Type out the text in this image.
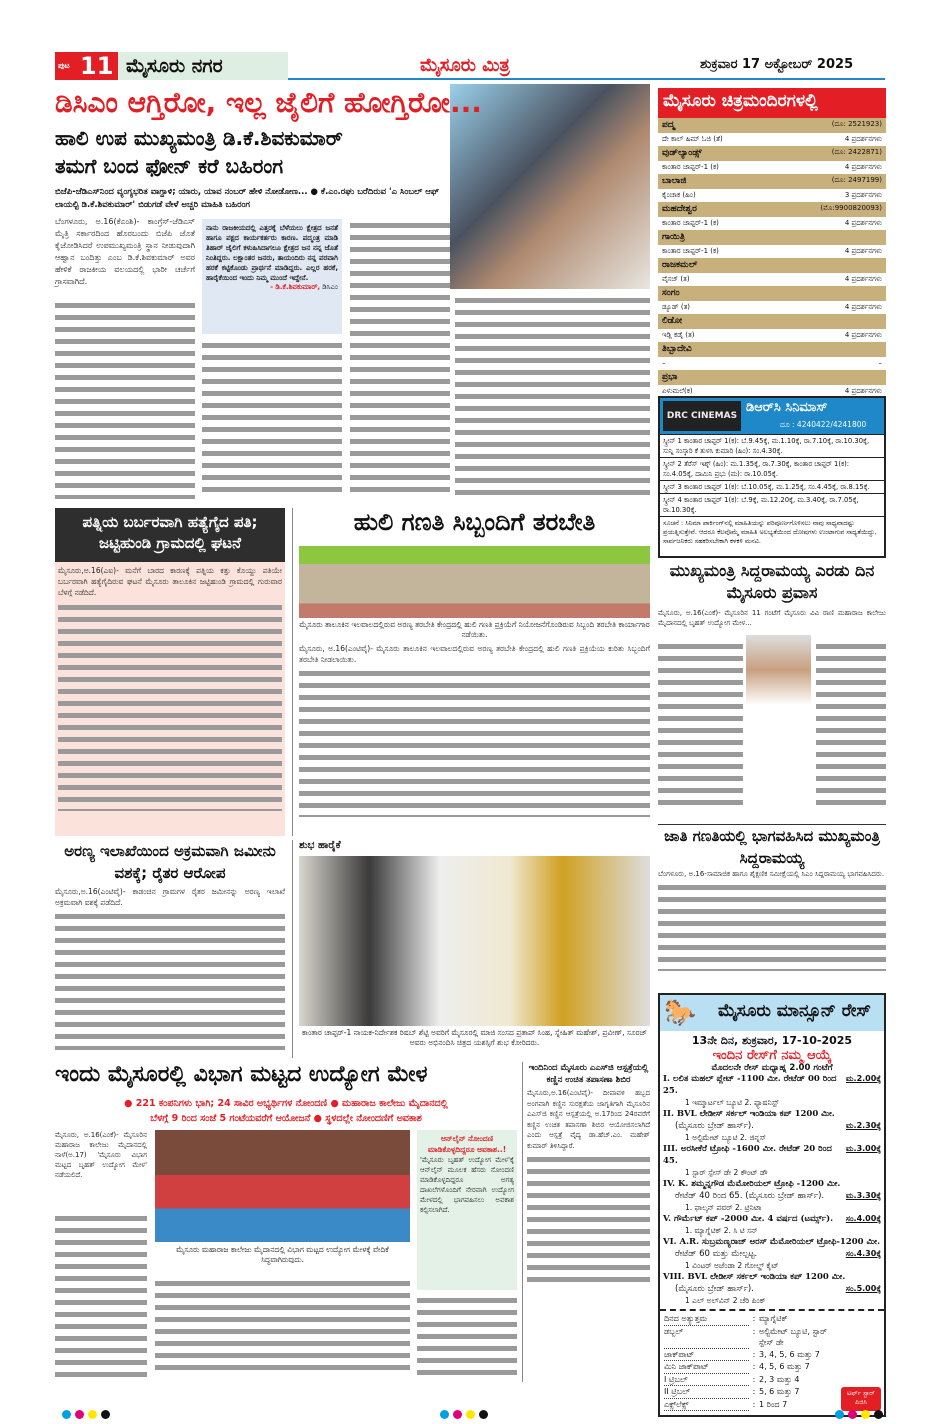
ಪುಟ 11 ಮೈಸೂರು ನಗರ	ಮೈಸೂರು ಮಿತ್ರ	ಶುಕ್ರವಾರ 17 ಅಕ್ಟೋಬರ್ 2025
ಡಿಸಿಎಂ ಆಗ್ತಿರೋ, ಇಲ್ಲ ಜೈಲಿಗೆ ಹೋಗ್ತಿರೋ...
ಹಾಲಿ ಉಪ ಮುಖ್ಯಮಂತ್ರಿ ಡಿ.ಕೆ.ಶಿವಕುಮಾರ್
ತಮಗೆ ಬಂದ ಫೋನ್ ಕರೆ ಬಹಿರಂಗ
ಬಿಜೆಪಿ-ಜೆಡಿಎಸ್‌ನಿಂದ ವ್ಯಂಗ್ಯಭರಿತ ವಾಗ್ದಾಳಿ; ಯಾರು, ಯಾವ ನಂಬರ್ ಹೇಳಿ ನೋಡೋಣ... ● ಕೆ.ಎಂ.ರಘು ಬರೆದಿರುವ 'ಎ ಸಿಂಬಲ್ ಆಫ್ ಲಾಯಲ್ಟಿ ಡಿ.ಕೆ.ಶಿವಕುಮಾರ್' ಬಿಡುಗಡೆ ವೇಳೆ ಅಚ್ಚರಿ ಮಾಹಿತಿ ಬಹಿರಂಗ
ಬೆಂಗಳೂರು, ಅ.16(ಕೆಎಂಶಿ)- ಕಾಂಗ್ರೆಸ್-ಜೆಡಿಎಸ್ ಮೈತ್ರಿ ಸರ್ಕಾರದಿಂದ ಹೊರಬಂದು ಬಿಜೆಪಿ ಜೊತೆ ಕೈಜೋಡಿಸಿದರೆ ಉಪಮುಖ್ಯಮಂತ್ರಿ ಸ್ಥಾನ ನೀಡುವುದಾಗಿ ಆಹ್ವಾನ ಬಂದಿತ್ತು ಎಂಬ ಡಿ.ಕೆ.ಶಿವಕುಮಾರ್ ಅವರ ಹೇಳಿಕೆ ರಾಜಕೀಯ ವಲಯದಲ್ಲಿ ಭಾರೀ ಚರ್ಚೆಗೆ ಗ್ರಾಸವಾಗಿದೆ.
ನಾನು ರಾಜಕೀಯದಲ್ಲಿ ಎತ್ತರಕ್ಕೆ ಬೆಳೆಯಲು ಕ್ಷೇತ್ರದ ಜನತೆ ಹಾಗೂ ಪಕ್ಷದ ಕಾರ್ಯಕರ್ತರು ಕಾರಣ. ಪದ್ಮಂತ್ರ ಮಾಡಿ ತಿಹಾರ್ ಜೈಲಿಗೆ ಕಳುಹಿಸಿದಾಗಲೂ ಕ್ಷೇತ್ರದ ಜನ ನನ್ನ ಜೊತೆ ನಿಂತಿದ್ದರು. ಲಕ್ಷಾಂತರ ಜನರು, ತಾಯಂದಿರು ನನ್ನ ಪರವಾಗಿ ಹರಕೆ ಕಟ್ಟಿಕೊಂಡು ಪ್ರಾರ್ಥನೆ ಮಾಡಿದ್ದರು. ಎಲ್ಲರ ಹರಕೆ, ಹಾರೈಕೆಯಿಂದ ಇಂದು ನಿಮ್ಮ ಮುಂದೆ ಇದ್ದೇನೆ.
- ಡಿ.ಕೆ.ಶಿವಕುಮಾರ್, ಡಿಸಿಎಂ
ಮೈಸೂರು ಚಿತ್ರಮಂದಿರಗಳಲ್ಲಿ
ಪದ್ಮ	(ದೂ: 2521923)
ದೇ ಕಾಲ್ ಹಿಮ್ ಓಜಿ (ತೆ)	4 ಪ್ರದರ್ಶನಗಳು
ವುಡ್‌ಲ್ಯಾಂಡ್ಸ್	(ದೂ: 2422871)
ಕಾಂತಾರ ಚಾಪ್ಟರ್-1 (ಕ)	4 ಪ್ರದರ್ಶನಗಳು
ಬಾಲಾಜಿ	(ದೂ: 2497199)
ಕೈಂಚಾಕ (ಹಿಂ)	3 ಪ್ರದರ್ಶನಗಳು
ಮಹದೇಶ್ವರ	(ಮೊ:9900820093)
ಕಾಂತಾರ ಚಾಪ್ಟರ್-1 (ಕ)	4 ಪ್ರದರ್ಶನಗಳು
ಗಾಯಿತ್ರಿ
ಕಾಂತಾರ ಚಾಪ್ಟರ್-1 (ಕ)	4 ಪ್ರದರ್ಶನಗಳು
ರಾಜಕಮಲ್
ವೈಸಜ್ (ತ)	4 ಪ್ರದರ್ಶನಗಳು
ಸಂಗಂ
ಡ್ಯೂಡ್ (ತ)	4 ಪ್ರದರ್ಶನಗಳು
ಲಿಡೋ
ಇಡ್ಲಿ ಕಡೈ (ತ)	4 ಪ್ರದರ್ಶನಗಳು
ತಿಬ್ಬಾದೇವಿ
–	–
ಪ್ರಭಾ
ಏಳುಮಲೆ(ಕ)	4 ಪ್ರದರ್ಶನಗಳು
DRC CINEMAS
ಡಿಆರ್‌ಸಿ ಸಿನಿಮಾಸ್
ದೂ : 4240422/4241800
ಸ್ಕ್ರೀನ್ 1 ಕಾಂತಾರ ಚಾಪ್ಟರ್ 1(ಕ): ಬೆ.9.45ಕ್ಕೆ, ಮ.1.10ಕ್ಕೆ, ರಾ.7.10ಕ್ಕೆ, ರಾ.10.30ಕ್ಕೆ, ಸುನ್ನಿ ಸಂಸ್ಕಾರಿ ಕೆ ತುಳಸಿ ಕುಮಾರಿ (ಹಿಂ): ಸಂ.4.30ಕ್ಕೆ.
ಸ್ಕ್ರೀನ್ 2 ತೆರೆಸ್ ಇಶ್ಕ್ (ಹಿಂ): ಮ.1.35ಕ್ಕೆ, ರಾ.7.30ಕ್ಕೆ, ಕಾಂತಾರ ಚಾಪ್ಟರ್ 1(ಕ): ಸಂ.4.05ಕ್ಕೆ, ದಾಮಿನಿ ಪ್ರಭು (ಮ): ರಾ.10.05ಕ್ಕೆ.
ಸ್ಕ್ರೀನ್ 3 ಕಾಂತಾರ ಚಾಪ್ಟರ್ 1(ಕ): ಬೆ.10.05ಕ್ಕೆ, ಮ.1.25ಕ್ಕೆ, ಸಂ.4.45ಕ್ಕೆ, ರಾ.8.15ಕ್ಕೆ.
ಸ್ಕ್ರೀನ್ 4 ಕಾಂತಾರ ಚಾಪ್ಟರ್ 1(ಕ): ಬೆ.9ಕ್ಕೆ, ಮ.12.20ಕ್ಕೆ, ಮ.3.40ಕ್ಕೆ, ರಾ.7.05ಕ್ಕೆ, ರಾ.10.30ಕ್ಕೆ.
ಸೂಚನೆ : ಸಿನಿಮಾ ಪಾರ್ಕಿಂಗ್‌ನಲ್ಲಿ ಮಾಹಿತಿಯನ್ನು ಪರಿಪೂರ್ಣಗೊಳಿಸಲು ನಾವು ಸಾಧ್ಯವಾದಷ್ಟು ಪ್ರಯತ್ನಿಸುತ್ತೇವೆ. ಆದರೂ ಕೆಲವೊಮ್ಮೆ ಮಾಹಿತಿ ಅಲಭ್ಯತೆಯಿಂದ ದೋಷಗಳು ಉಂಟಾಗುವ ಸಾಧ್ಯತೆಯಿದ್ದು, ಸಾರ್ವಜನಿಕರು ಸಹಕರಿಸಬೇಕಾಗಿ ಕಳಕಳಿ ಮನವಿ.
ಮುಖ್ಯಮಂತ್ರಿ ಸಿದ್ದರಾಮಯ್ಯ ಎರಡು ದಿನ ಮೈಸೂರು ಪ್ರವಾಸ
ಮೈಸೂರು, ಅ.16(ಎಂಕೆ)- ಮೈಸೂರಿನ 11 ಗಂಟೆಗೆ ಮೈಸೂರು ವಿವಿ ರಾಣಿ ಮಹಾರಾಜ ಕಾಲೇಜು ಮೈದಾನದಲ್ಲಿ ಬೃಹತ್ ಉದ್ಯೋಗ ಮೇಳ...
ಜಾತಿ ಗಣತಿಯಲ್ಲಿ ಭಾಗವಹಿಸಿದ ಮುಖ್ಯಮಂತ್ರಿ ಸಿದ್ದರಾಮಯ್ಯ
ಬೆಂಗಳೂರು, ಅ.16-ಸಾಮಾಜಿಕ ಹಾಗೂ ಶೈಕ್ಷಣಿಕ ಸಮೀಕ್ಷೆಯಲ್ಲಿ ಸಿಎಂ ಸಿದ್ದರಾಮಯ್ಯ ಭಾಗವಹಿಸಿದರು.
🐎 ಮೈಸೂರು ಮಾನ್ಸೂನ್ ರೇಸ್
13ನೇ ದಿನ, ಶುಕ್ರವಾರ, 17-10-2025
ಇಂದಿನ ರೇಸ್‌ಗೆ ನಮ್ಮ ಆಯ್ಕೆ
ಮೊದಲನೇ ರೇಸ್ ಮಧ್ಯಾಹ್ನ 2.00 ಗಂಟೆಗೆ
I. ಲಲಿತ ಮಹಲ್ ಪ್ಲೇಟ್ -1100 ಮೀ. ರೇಟೆಡ್ 00 ರಿಂದ 25.
ಮ.2.00ಕ್ಕೆ
1 ಇಮ್ಮಾರ್ಟಲ್ ಬ್ಯೂಟಿ 2. ಫ್ಯಾಷನಿಸ್ಟ್
II. BVL ಲೇಡೀಸ್ ಸರ್ಕಲ್ ಇಂಡಿಯಾ ಕಪ್ 1200 ಮೀ.
(ಮೈಸೂರು ಬ್ರೇಡ್ ಹಾರ್ಸ್).	ಮ.2.30ಕ್ಕೆ
1 ಅಲ್ಟಿಮೇಟ್ ಬ್ಯೂಟಿ 2. ಜಿನ್ನಸ್
III. ಅರಸೀಕೆರೆ ಟ್ರೋಫಿ -1600 ಮೀ. ರೇಟೆಡ್ 20 ರಿಂದ 45.
ಮ.3.00ಕ್ಕೆ
1 ಸ್ಟಾರ್ ಸ್ಪೇಸ್ ಡೇ 2 ಕೌಂಟ್ ಡೌ
IV. K. ಶಮ್ಮನ್ನಗೌಡ ಮೆಮೋರಿಯಲ್ ಟ್ರೋಫಿ -1200 ಮೀ.
ರೇಟೆಡ್ 40 ರಿಂದ 65. (ಮೈಸೂರು ಬ್ರೇಡ್ ಹಾರ್ಸ್).	ಮ.3.30ಕ್ಕೆ
1. ಫಾಲ್ಕನ್ ಪವರ್ 2. ಟ್ರಿನಿಟಾ
V. ಗೌರ್ಮೆಟ್ ಕಪ್ -2000 ಮೀ. 4 ವರ್ಷದ (ಟರ್ಮ್ಸ್). ಸಂ.4.00ಕ್ಕೆ
1. ಮ್ಯಾಗ್ನೆಟಿಕ್ 2. ಸಿ ಟಿ ಸನ್
VI. A.R. ಸುಬ್ರಮಣ್ಯರಾಜ್ ಅರಸ್ ಮೆಮೋರಿಯಲ್ ಟ್ರೋಫಿ-1200 ಮೀ.
ರೇಟೆಡ್ 60 ಮತ್ತು ಮೇಲ್ಪಟ್ಟ.	ಸಂ.4.30ಕ್ಕೆ
1 ವಿಂಟರ್ ಅಜೆಂಡಾ 2 ಗೋಲ್ಡ್ ಕೈಟ್
VIII. BVL ಲೇಡೀಸ್ ಸರ್ಕಲ್ ಇಂಡಿಯಾ ಕಪ್ 1200 ಮೀ.
(ಮೈಸೂರು ಬ್ರೇಡ್ ಹಾರ್ಸ್).	ಸಂ.5.00ಕ್ಕೆ
1 ಎಲ್ ಅಲ್‌ವಿನ್ 2 ಚೆರಿ ಪಿಂಕ್
ದಿನದ ಅತ್ಯುತ್ತಮ	: ಮ್ಯಾಗ್ನೆಟಿಕ್
ಡಬ್ಬಲ್	: ಅಲ್ಟಿಮೇಟ್ ಬ್ಯೂಟಿ, ಸ್ಟಾರ್ ಸ್ಪೇಸ್ ಡೇ
ಜಾಕ್‌ಪಾಟ್	: 3, 4, 5, 6 ಮತ್ತು 7
ಮಿನಿ ಜಾಕ್‌ಪಾಟ್	: 4, 5, 6 ಮತ್ತು 7
I ಟ್ರಿಬಲ್	: 2, 3 ಮತ್ತು 4
II ಟ್ರಿಬಲ್	: 5, 6 ಮತ್ತು 7
ಎಕ್ಸ್‌ಲೆಕ್ಸ್	: 1 ರಿಂದ 7
ಟರ್ಫ್ ಸ್ಟಾರ್ ಪಿಜಿಸಿ
ಪತ್ನಿಯ ಬರ್ಬರವಾಗಿ ಹತ್ಯೆಗೈದ ಪತಿ; ಜಟ್ಟಿಹುಂಡಿ ಗ್ರಾಮದಲ್ಲಿ ಘಟನೆ
ಮೈಸೂರು,ಅ.16(ಎಐ)- ಮನೆಗೆ ಬಾರದ ಕಾರಣಕ್ಕೆ ಪತ್ನಿಯ ಕತ್ತು ಕೊಯ್ದು ಪತಿಯೇ ಬರ್ಬರವಾಗಿ ಹತ್ಯೆಗೈದಿರುವ ಘಟನೆ ಮೈಸೂರು ತಾಲೂಕಿನ ಜಟ್ಟಿಹುಂಡಿ ಗ್ರಾಮದಲ್ಲಿ ಗುರುವಾರ ಬೆಳಗ್ಗೆ ನಡೆದಿದೆ.
ಅರಣ್ಯ ಇಲಾಖೆಯಿಂದ ಅಕ್ರಮವಾಗಿ ಜಮೀನು ವಶಕ್ಕೆ; ರೈತರ ಆರೋಪ
ಮೈಸೂರು,ಅ.16(ಎಂಟಿವೈ)- ಕಾಡಂಚಿನ ಗ್ರಾಮಗಳ ರೈತರ ಜಮೀನನ್ನು ಅರಣ್ಯ ಇಲಾಖೆ ಅಕ್ರಮವಾಗಿ ವಶಕ್ಕೆ ಪಡೆದಿದೆ.
ಹುಲಿ ಗಣತಿ ಸಿಬ್ಬಂದಿಗೆ ತರಬೇತಿ
ಮೈಸೂರು ತಾಲೂಕಿನ ಇಲವಾಲದಲ್ಲಿರುವ ಅರಣ್ಯ ತರಬೇತಿ ಕೇಂದ್ರದಲ್ಲಿ ಹುಲಿ ಗಣತಿ ಪ್ರಕ್ರಿಯೆಗೆ ನಿಯೋಜನೆಗೊಂಡಿರುವ ಸಿಬ್ಬಂದಿ ತರಬೇತಿ ಕಾರ್ಯಾಗಾರ ನಡೆಯಿತು.
ಮೈಸೂರು, ಅ.16(ಎಂಟಿವೈ)- ಮೈಸೂರು ತಾಲೂಕಿನ ಇಲವಾಲದಲ್ಲಿರುವ ಅರಣ್ಯ ತರಬೇತಿ ಕೇಂದ್ರದಲ್ಲಿ ಹುಲಿ ಗಣತಿ ಪ್ರಕ್ರಿಯೆಯ ಕುರಿತು ಸಿಬ್ಬಂದಿಗೆ ತರಬೇತಿ ನೀಡಲಾಯಿತು.
ಶುಭ ಹಾರೈಕೆ
ಕಾಂತಾರ ಚಾಪ್ಟರ್-1 ನಾಯಕ-ನಿರ್ದೇಶಕ ರಿಷಬ್ ಶೆಟ್ಟಿ ಅವರಿಗೆ ಮೈಸೂರಲ್ಲಿ ಮಾಜಿ ಸಂಸದ ಪ್ರತಾಪ್ ಸಿಂಹ, ಸ್ನೇಹಿತ್ ಮಹೇಶ್, ಪ್ರವೀಣ್, ಸೂರಜ್ ಅವರು ಅಭಿನಂದಿಸಿ ಚಿತ್ರದ ಯಶಸ್ಸಿಗೆ ಶುಭ ಕೋರಿದರು.
ಇಂದು ಮೈಸೂರಲ್ಲಿ ವಿಭಾಗ ಮಟ್ಟದ ಉದ್ಯೋಗ ಮೇಳ
● 221 ಕಂಪನಿಗಳು ಭಾಗಿ; 24 ಸಾವಿರ ಅಭ್ಯರ್ಥಿಗಳ ನೋಂದಣಿ ● ಮಹಾರಾಜ ಕಾಲೇಜು ಮೈದಾನದಲ್ಲಿ
ಬೆಳಗ್ಗೆ 9 ರಿಂದ ಸಂಜೆ 5 ಗಂಟೆಯವರೆಗೆ ಆಯೋಜನೆ ● ಸ್ಥಳದಲ್ಲೇ ನೋಂದಣಿಗೆ ಅವಕಾಶ
ಮೈಸೂರು, ಅ.16(ಎಂಕೆ)- ಮೈಸೂರಿನ ಮಹಾರಾಜ ಕಾಲೇಜು ಮೈದಾನದಲ್ಲಿ ನಾಳೆ(ಅ.17) 'ಮೈಸೂರು ವಿಭಾಗ ಮಟ್ಟದ ಬೃಹತ್ ಉದ್ಯೋಗ ಮೇಳ' ನಡೆಯಲಿದೆ.
ಮೈಸೂರು ಮಹಾರಾಜ ಕಾಲೇಜು ಮೈದಾನದಲ್ಲಿ ವಿಭಾಗ ಮಟ್ಟದ ಉದ್ಯೋಗ ಮೇಳಕ್ಕೆ ವೇದಿಕೆ ಸಿದ್ಧವಾಗಿರುವುದು.
ಆನ್‌ಲೈನ್ ನೋಂದಣಿ ಮಾಡಿಕೊಳ್ಳದಿದ್ದರೂ ಅವಕಾಶ..!
'ಮೈಸೂರು ಬೃಹತ್ ಉದ್ಯೋಗ ಮೇಳ'ಕ್ಕೆ ಆನ್‌ಲೈನ್ ಮೂಲಕ ಹೆಸರು ನೋಂದಣಿ ಮಾಡಿಕೊಳ್ಳದಿದ್ದರೂ ಅಗತ್ಯ ದಾಖಲೆಗಳೊಂದಿಗೆ ನೇರವಾಗಿ ಉದ್ಯೋಗ ಮೇಳದಲ್ಲಿ ಭಾಗವಹಿಸಲು ಅವಕಾಶ ಕಲ್ಪಿಸಲಾಗಿದೆ.
ಇಂದಿನಿಂದ ಮೈಸೂರು ಎಎಸ್‌ಜಿ ಆಸ್ಪತ್ರೆಯಲ್ಲಿ ಕಣ್ಣಿನ ಉಚಿತ ತಪಾಸಣಾ ಶಿಬಿರ
ಮೈಸೂರು,ಅ.16(ಎಂಟಿವೈ)- ದೀಪಾವಳಿ ಹಬ್ಬದ ಅಂಗವಾಗಿ ಕಣ್ಣಿನ ಸುರಕ್ಷತೆಯ ಜಾಗೃತಿಗಾಗಿ ಮೈಸೂರಿನ ಎಎಸ್‌ಜಿ ಕಣ್ಣಿನ ಆಸ್ಪತ್ರೆಯಲ್ಲಿ ಅ.17ರಿಂದ 24ರವರೆಗೆ ಕಣ್ಣಿನ ಉಚಿತ ತಪಾಸಣಾ ಶಿಬಿರ ಆಯೋಜಿಸಲಾಗಿದೆ ಎಂದು ಆಸ್ಪತ್ರೆ ವೈದ್ಯ ಡಾ.ಹೆಚ್.ಎಂ. ಮಹೇಶ್ ಕುಮಾರ್ ತಿಳಿಸಿದ್ದಾರೆ.
